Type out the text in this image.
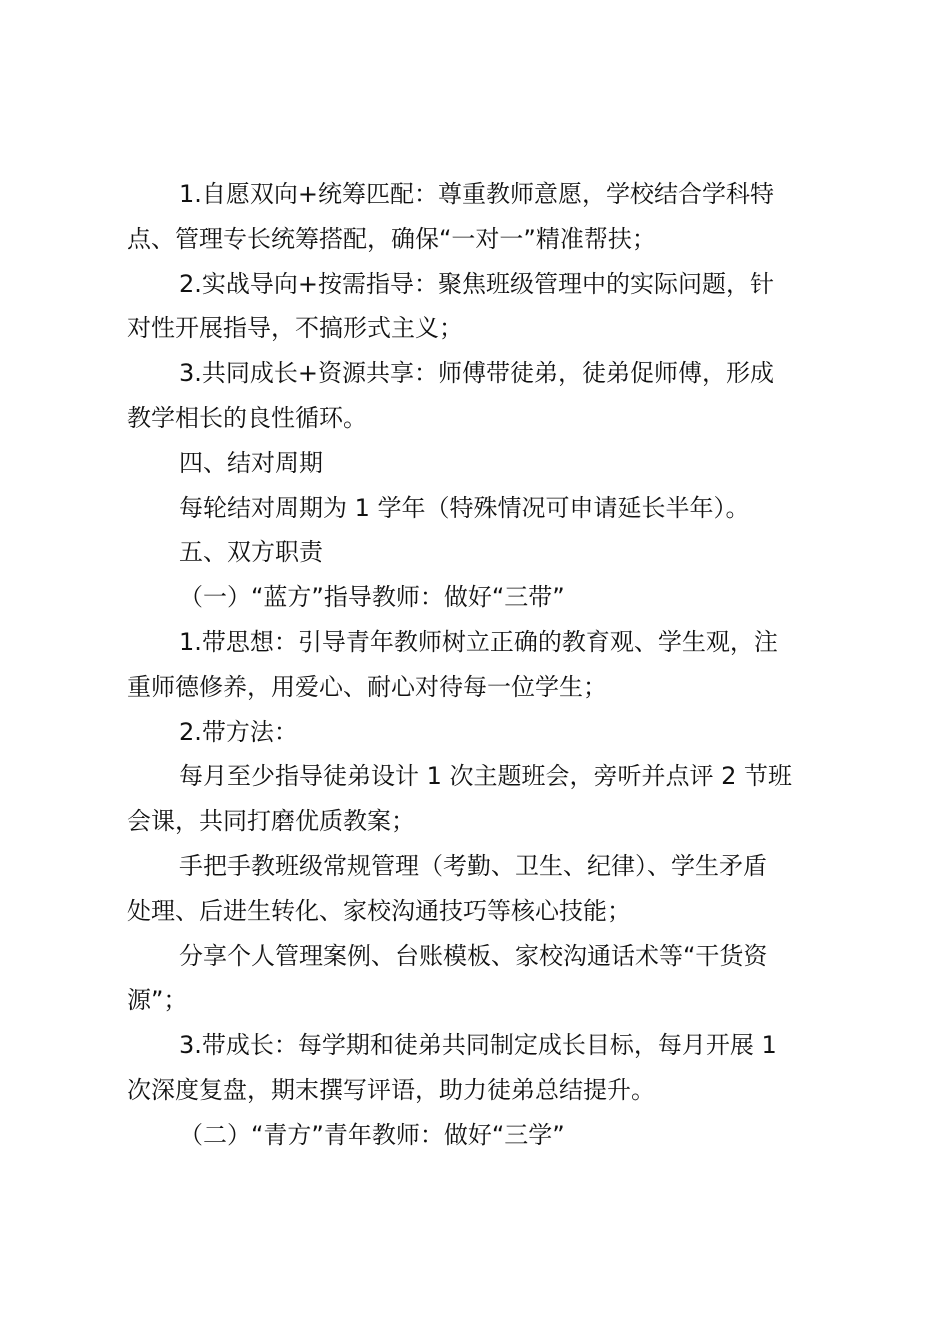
1.自愿双向+统筹匹配：尊重教师意愿，学校结合学科特
点、管理专长统筹搭配，确保“一对一”精准帮扶；
2.实战导向+按需指导：聚焦班级管理中的实际问题，针
对性开展指导，不搞形式主义；
3.共同成长+资源共享：师傅带徒弟，徒弟促师傅，形成
教学相长的良性循环。
四、结对周期
每轮结对周期为 1 学年（特殊情况可申请延长半年）。
五、双方职责
（一）“蓝方”指导教师：做好“三带”
1.带思想：引导青年教师树立正确的教育观、学生观，注
重师德修养，用爱心、耐心对待每一位学生；
2.带方法：
每月至少指导徒弟设计 1 次主题班会，旁听并点评 2 节班
会课，共同打磨优质教案；
手把手教班级常规管理（考勤、卫生、纪律）、学生矛盾
处理、后进生转化、家校沟通技巧等核心技能；
分享个人管理案例、台账模板、家校沟通话术等“干货资
源”；
3.带成长：每学期和徒弟共同制定成长目标，每月开展 1
次深度复盘，期末撰写评语，助力徒弟总结提升。
（二）“青方”青年教师：做好“三学”
